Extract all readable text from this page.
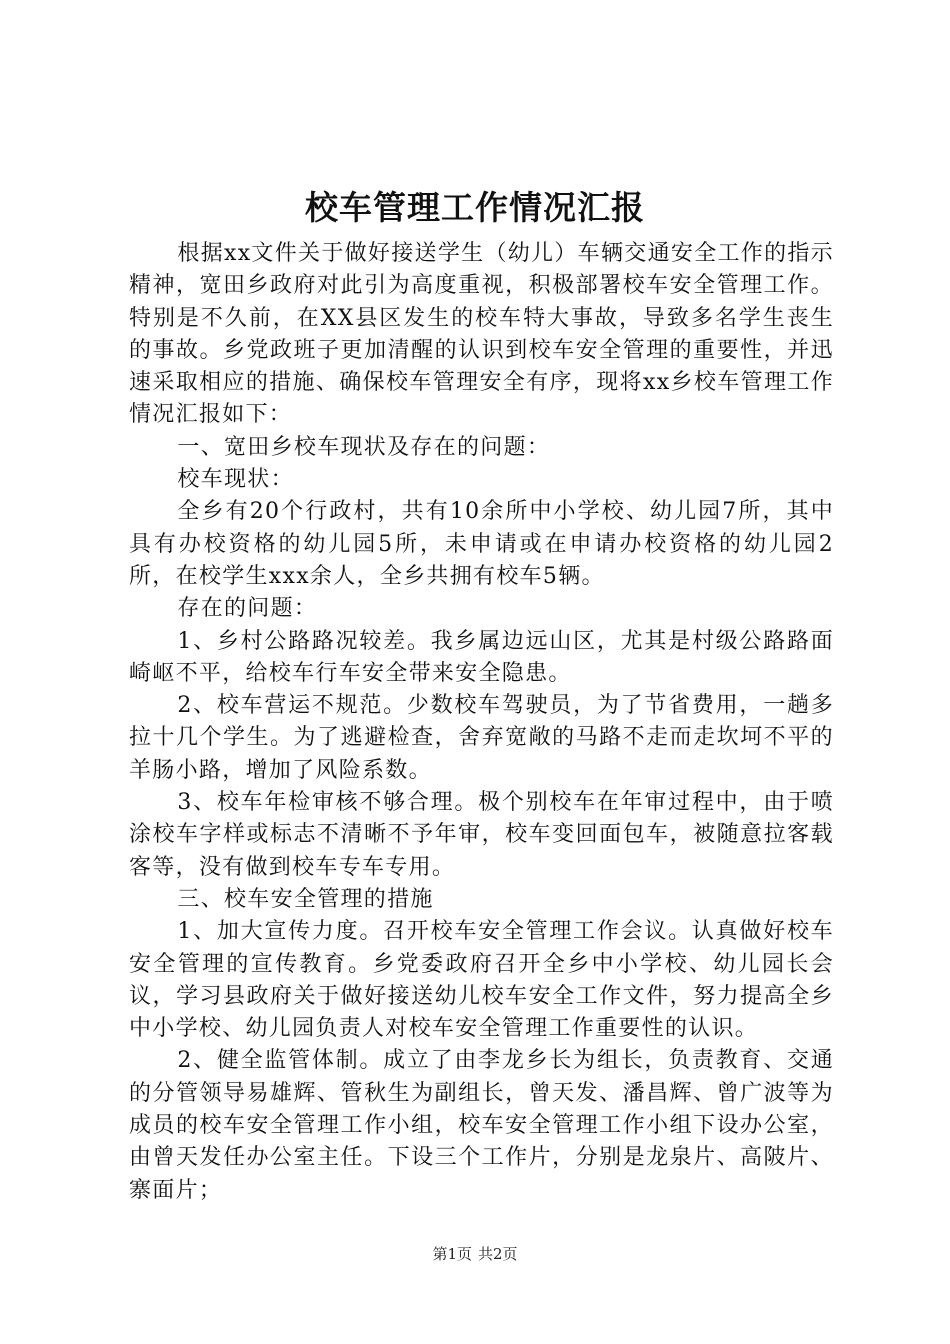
校车管理工作情况汇报

根据xx文件关于做好接送学生（幼儿）车辆交通安全工作的指示精神，宽田乡政府对此引为高度重视，积极部署校车安全管理工作。特别是不久前，在XX县区发生的校车特大事故，导致多名学生丧生的事故。乡党政班子更加清醒的认识到校车安全管理的重要性，并迅速采取相应的措施、确保校车管理安全有序，现将xx乡校车管理工作情况汇报如下：

一、宽田乡校车现状及存在的问题：

校车现状：

全乡有20个行政村，共有10余所中小学校、幼儿园7所，其中具有办校资格的幼儿园5所，未申请或在申请办校资格的幼儿园2所，在校学生xxx余人，全乡共拥有校车5辆。

存在的问题：

1、乡村公路路况较差。我乡属边远山区，尤其是村级公路路面崎岖不平，给校车行车安全带来安全隐患。

2、校车营运不规范。少数校车驾驶员，为了节省费用，一趟多拉十几个学生。为了逃避检查，舍弃宽敞的马路不走而走坎坷不平的羊肠小路，增加了风险系数。

3、校车年检审核不够合理。极个别校车在年审过程中，由于喷涂校车字样或标志不清晰不予年审，校车变回面包车，被随意拉客载客等，没有做到校车专车专用。

三、校车安全管理的措施

1、加大宣传力度。召开校车安全管理工作会议。认真做好校车安全管理的宣传教育。乡党委政府召开全乡中小学校、幼儿园长会议，学习县政府关于做好接送幼儿校车安全工作文件，努力提高全乡中小学校、幼儿园负责人对校车安全管理工作重要性的认识。

2、健全监管体制。成立了由李龙乡长为组长，负责教育、交通的分管领导易雄辉、管秋生为副组长，曾天发、潘昌辉、曾广波等为成员的校车安全管理工作小组，校车安全管理工作小组下设办公室，由曾天发任办公室主任。下设三个工作片，分别是龙泉片、高陂片、寨面片；

第1页 共2页
